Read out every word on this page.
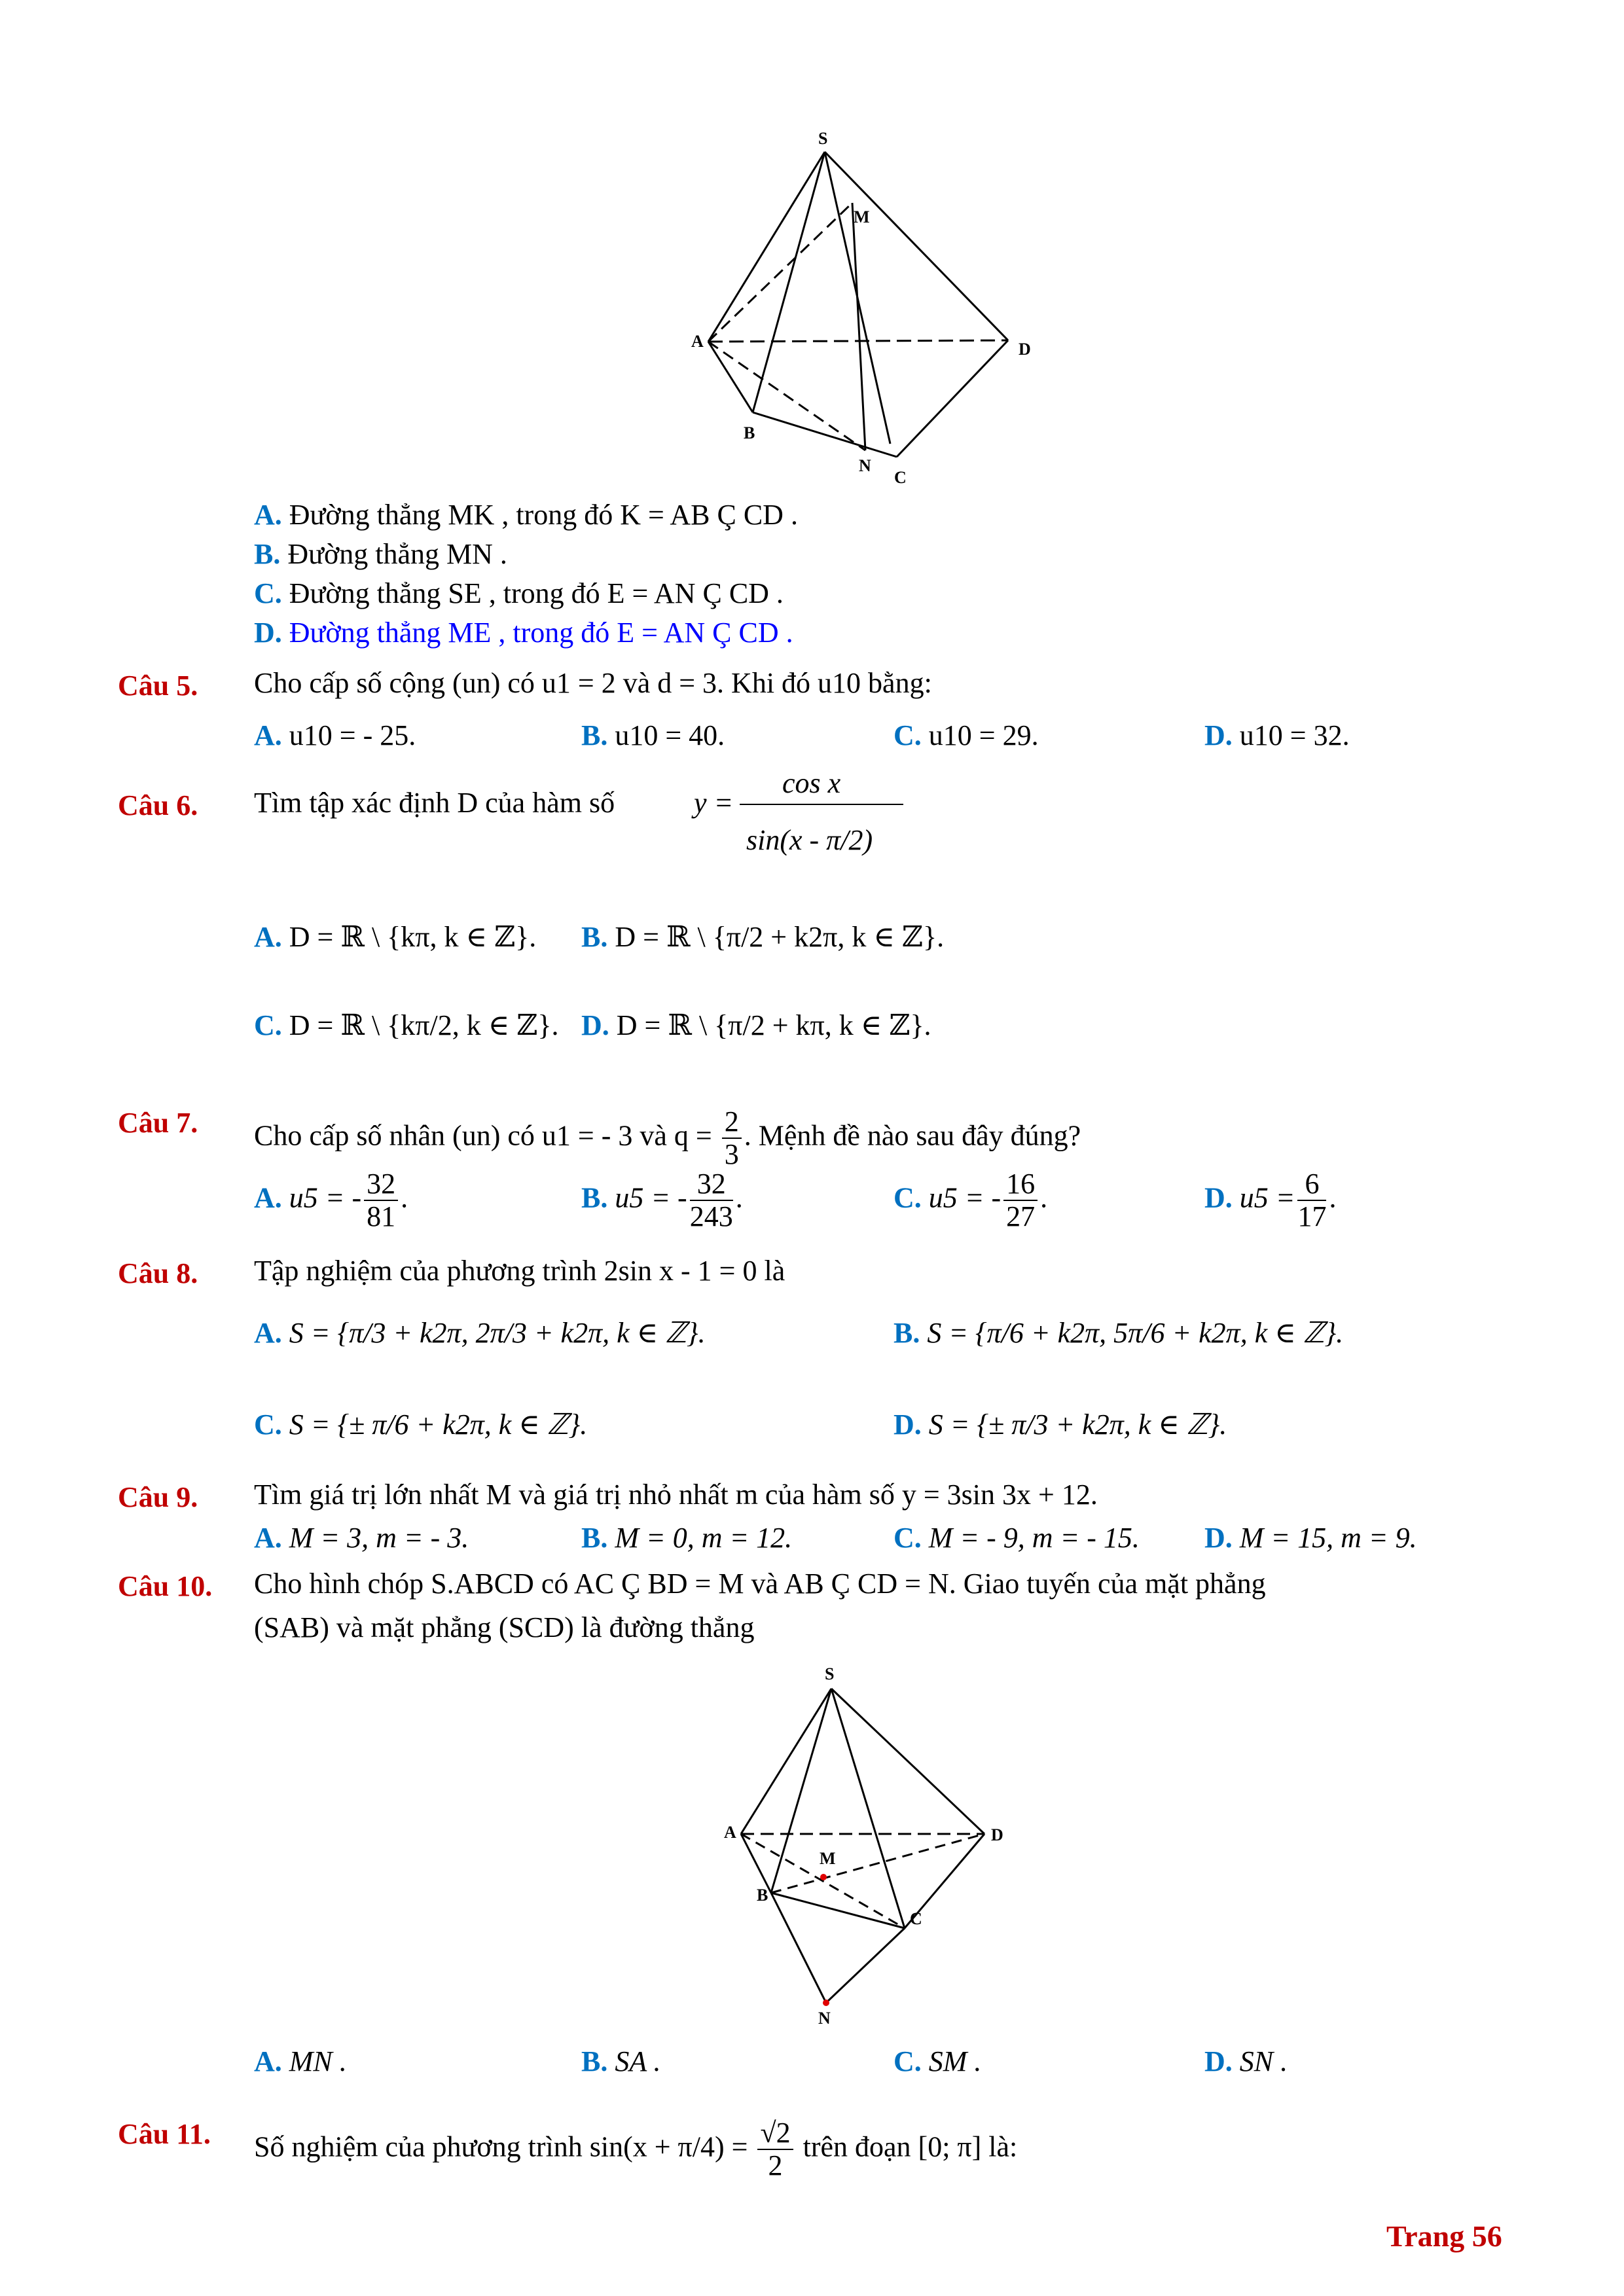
S
M
A	D
B
N
C
A. Đường thẳng MK , trong đó K = AB Ç CD .
B. Đường thẳng MN .
C. Đường thẳng SE , trong đó E = AN Ç CD .
D. Đường thẳng ME , trong đó E = AN Ç CD .
Câu 5. Cho cấp số cộng (un) có u1 = 2 và d = 3. Khi đó u10 bằng:
A. u10 = - 25.	B. u10 = 40.	C. u10 = 29.	D. u10 = 32.
Câu 6. Tìm tập xác định D của hàm số	y =
cos x
sin(x - π/2)
A. D = ℝ \ {kπ, k ∈ ℤ}. B. D = ℝ \ {π/2 + k2π, k ∈ ℤ}.
C. D = ℝ \ {kπ/2, k ∈ ℤ}. D. D = ℝ \ {π/2 + kπ, k ∈ ℤ}.
Câu 7. Cho cấp số nhân (un) có u1 = - 3 và $q = \frac{2}{3}$ . Mệnh đề nào sau đây đúng?
A. u5 = - $\frac{32}{81}$ .	B. u5 = - $\frac{32}{243}$ .	C. u5 = - $\frac{16}{27}$ .	D. $u5 = \frac{6}{17}$ .
Câu 8. Tập nghiệm của phương trình 2sin x - 1 = 0 là
A. S = {π/3 + k2π, 2π/3 + k2π, k ∈ ℤ}.	B. S = {π/6 + k2π, 5π/6 + k2π, k ∈ ℤ}.
C. S = {± π/6 + k2π, k ∈ ℤ}.	D. S = {± π/3 + k2π, k ∈ ℤ}.
Câu 9. Tìm giá trị lớn nhất M và giá trị nhỏ nhất m của hàm số y = 3sin 3x + 12.
A. M = 3, m = - 3.	B. M = 0, m = 12.	C. M = - 9, m = - 15. D. M = 15, m = 9.
Câu 10. Cho hình chóp S.ABCD có AC Ç BD = M và AB Ç CD = N. Giao tuyến của mặt phẳng
(SAB) và mặt phẳng (SCD) là đường thẳng
S
A	D
M
B
C
N
A. MN .	B. SA .	C. SM .	D. SN .
Câu 11. Số nghiệm của phương trình $\sin(x + \pi/4) = \frac{√2}{2}$ trên đoạn [0; π] là:
Trang 56
